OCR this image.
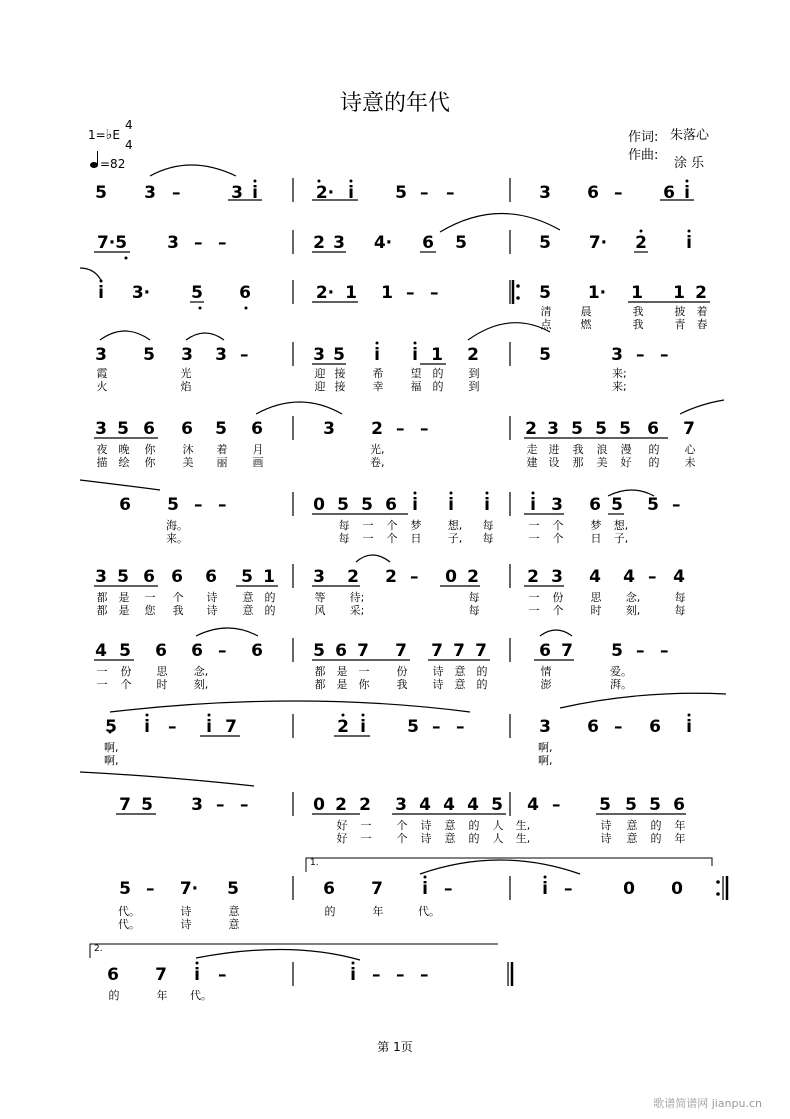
诗意的年代
1=♭E
4
4
=82
作词: 朱落心
作曲:
涂 乐
1.
2.
5 3 –	3 i	2· i 5 – –	3 6 – 6 i
7·5 3 – –	2 3 4· 6 5	5 7· 2 i
i 3· 5 6	2· 1 1 – –	5 1· 1 1 2
清	晨	我	披 着
点	燃	我	青 春
3 5 3 3 –
霞	光
火	焰
3 5 i i 1 2
迎 接 希 望 的 到
迎 接 幸 福 的 到
5	3 – –
来;
来;
3 5 6 6 5 6
夜 晚 你 沐 着 月
描 绘 你 美 丽 画
3 2 – –
光,
卷,
2 3 5 5 5 6 7
走 进 我 浪 漫 的 心
建 设 那 美 好 的 未
6 5 – –
海。
来。
0 5 5 6 i i i
每 一 个 梦	想,	每
每 一 个 日	子,	每
i 3 6 5 5 –
一 个 梦	想,
一 个 日	子,
3 5 6 6 6 5 1
都 是 一 个 诗 意 的
都 是 您 我 诗 意 的
3 2 2 – 0 2
等	待;	每
风	采;	每
2 3 4 4 – 4
一 份 思	念,	每
一 个 时	刻,	每
4 5 6 6 – 6
一 份 思	念,
一 个 时	刻,
5 6 7 7 7 7 7
都 是 一 份 诗 意 的
都 是 你 我 诗 意 的
6 7 5 – –
情	爱。
澎	湃。
5 i – i 7
啊,
啊,
2 i 5 – –	3 6 – 6 i
啊,
啊,
7 5 3 – –	0 2 2 3 4 4 4 5
好 一 个 诗 意 的 人	生,
好 一 个 诗 意 的 人	生,
4 – 5 5 5 6
诗 意 的 年
诗 意 的 年
5 – 7· 5
代。	诗	意
代。	诗	意
6 7 i –
的	年	代。
i –	0 0
6 7 i –
的	年 代。
i – – –
第 1页
歌谱简谱网 jianpu.cn
